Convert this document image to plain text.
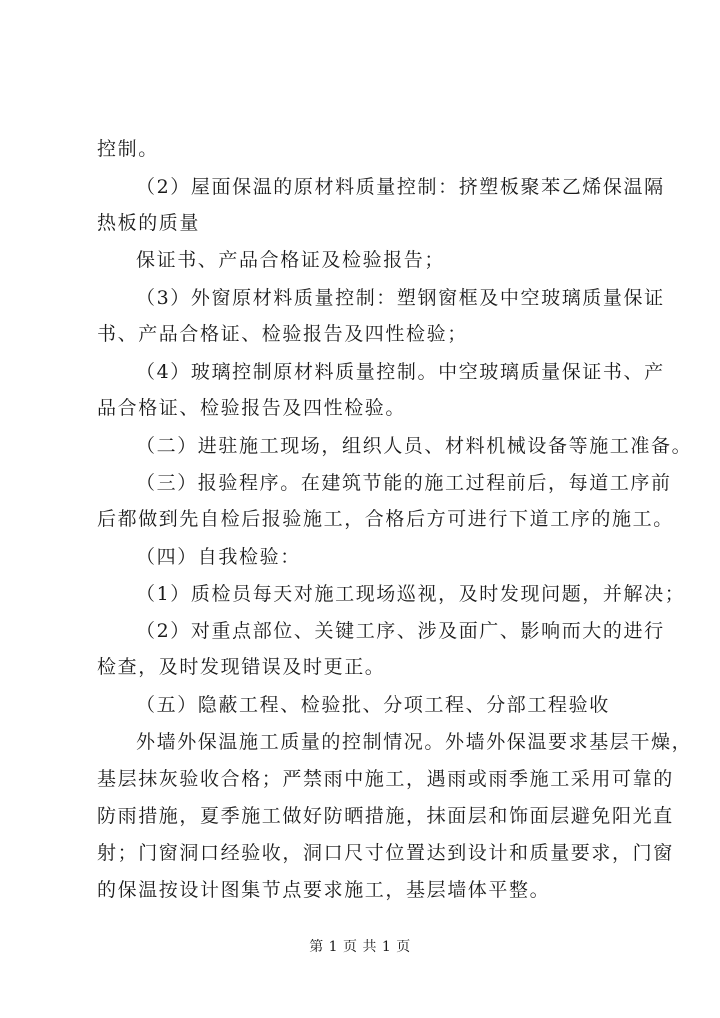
控制。
（2）屋面保温的原材料质量控制：挤塑板聚苯乙烯保温隔
热板的质量
保证书、产品合格证及检验报告；
（3）外窗原材料质量控制：塑钢窗框及中空玻璃质量保证
书、产品合格证、检验报告及四性检验；
（4）玻璃控制原材料质量控制。中空玻璃质量保证书、产
品合格证、检验报告及四性检验。
（二）进驻施工现场，组织人员、材料机械设备等施工准备。
（三）报验程序。在建筑节能的施工过程前后，每道工序前
后都做到先自检后报验施工，合格后方可进行下道工序的施工。
（四）自我检验：
（1）质检员每天对施工现场巡视，及时发现问题，并解决；
（2）对重点部位、关键工序、涉及面广、影响而大的进行
检查，及时发现错误及时更正。
（五）隐蔽工程、检验批、分项工程、分部工程验收
外墙外保温施工质量的控制情况。外墙外保温要求基层干燥，
基层抹灰验收合格；严禁雨中施工，遇雨或雨季施工采用可靠的
防雨措施，夏季施工做好防晒措施，抹面层和饰面层避免阳光直
射；门窗洞口经验收，洞口尺寸位置达到设计和质量要求，门窗
的保温按设计图集节点要求施工，基层墙体平整。
第 1 页 共 1 页
